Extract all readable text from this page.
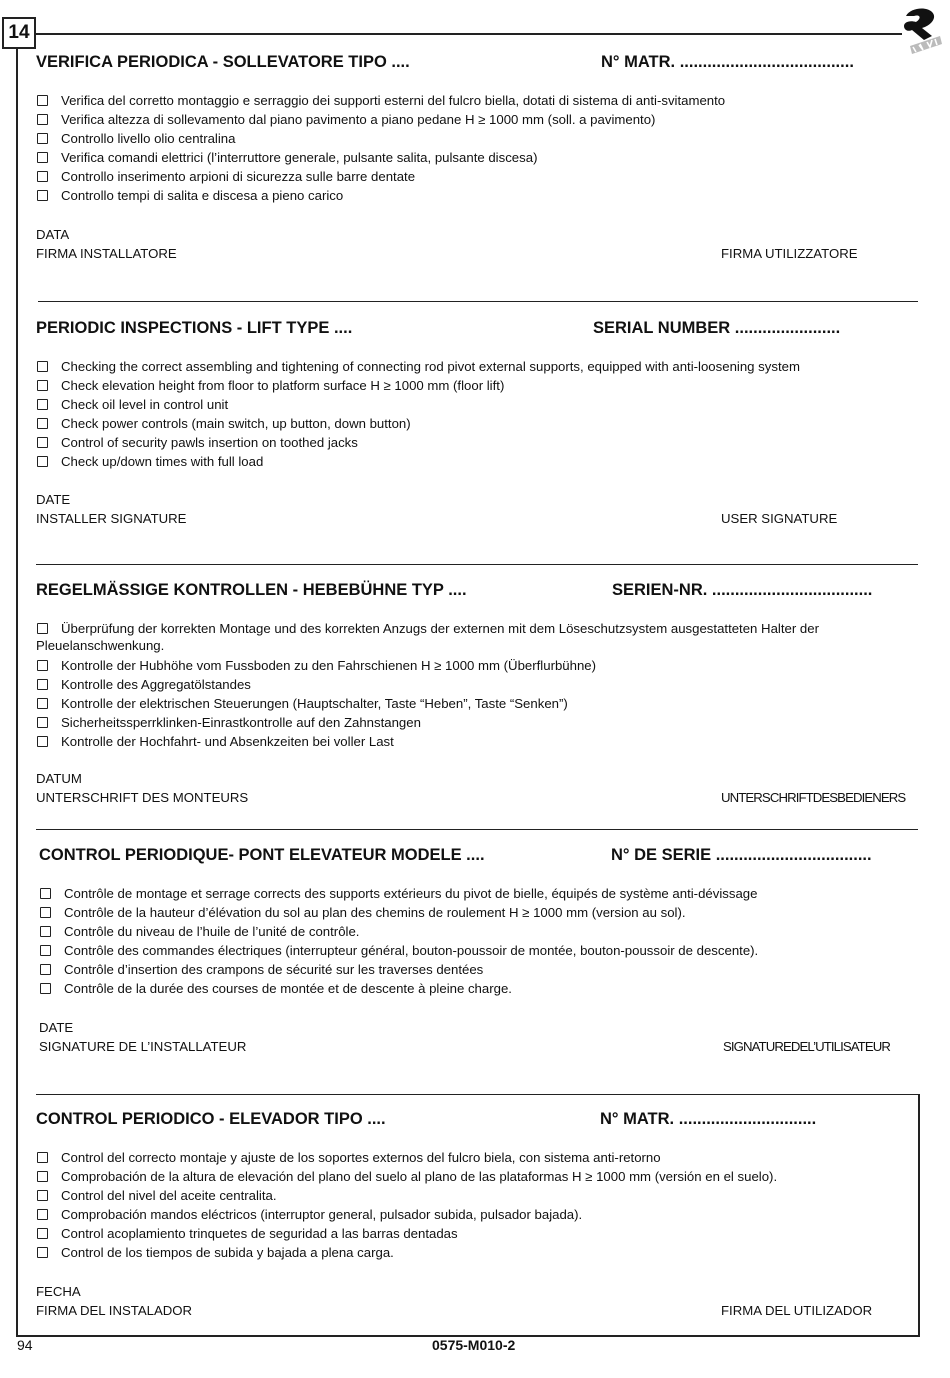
14
VERIFICA PERIODICA - SOLLEVATORE TIPO ....	N° MATR. ......................................
Verifica del corretto montaggio e serraggio dei supporti esterni del fulcro biella, dotati di sistema di anti-svitamento
Verifica altezza di sollevamento dal piano pavimento a piano pedane H ≥ 1000 mm (soll. a pavimento)
Controllo livello olio centralina
Verifica comandi elettrici (l’interruttore generale, pulsante salita, pulsante discesa)
Controllo inserimento arpioni di sicurezza sulle barre dentate
Controllo tempi di salita e discesa a pieno carico
DATA
FIRMA INSTALLATORE	FIRMA UTILIZZATORE
PERIODIC INSPECTIONS - LIFT TYPE ....	SERIAL NUMBER .......................
Checking the correct assembling and tightening of connecting rod pivot external supports, equipped with anti-loosening system
Check elevation height from floor to platform surface H ≥ 1000 mm (floor lift)
Check oil level in control unit
Check power controls (main switch, up button, down button)
Control of security pawls insertion on toothed jacks
Check up/down times with full load
DATE
INSTALLER SIGNATURE	USER SIGNATURE
REGELMÄSSIGE KONTROLLEN - HEBEBÜHNE TYP ....	SERIEN-NR. ...................................
Überprüfung der korrekten Montage und des korrekten Anzugs der externen mit dem Löseschutzsystem ausgestatteten Halter der Pleuelanschwenkung.
Kontrolle der Hubhöhe vom Fussboden zu den Fahrschienen H ≥ 1000 mm (Überflurbühne)
Kontrolle des Aggregatölstandes
Kontrolle der elektrischen Steuerungen (Hauptschalter, Taste “Heben”, Taste “Senken”)
Sicherheitssperrklinken-Einrastkontrolle auf den Zahnstangen
Kontrolle der Hochfahrt- und Absenkzeiten bei voller Last
DATUM
UNTERSCHRIFT DES MONTEURS	UNTERSCHRIFTDESBEDIENERS
CONTROL PERIODIQUE- PONT ELEVATEUR MODELE ....	N° DE SERIE ..................................
Contrôle de montage et serrage corrects des supports extérieurs du pivot de bielle, équipés de système anti-dévissage
Contrôle de la hauteur d’élévation du sol au plan des chemins de roulement H ≥ 1000 mm (version au sol).
Contrôle du niveau de l’huile de l’unité de contrôle.
Contrôle des commandes électriques (interrupteur général, bouton-poussoir de montée, bouton-poussoir de descente).
Contrôle d’insertion des crampons de sécurité sur les traverses dentées
Contrôle de la durée des courses de montée et de descente à pleine charge.
DATE
SIGNATURE DE L’INSTALLATEUR	SIGNATUREDEL’UTILISATEUR
CONTROL PERIODICO - ELEVADOR TIPO ....	N° MATR. ..............................
Control del correcto montaje y ajuste de los soportes externos del fulcro biela, con sistema anti-retorno
Comprobación de la altura de elevación del plano del suelo al plano de las plataformas H ≥ 1000 mm (versión en el suelo).
Control del nivel del aceite centralita.
Comprobación mandos eléctricos (interruptor general, pulsador subida, pulsador bajada).
Control acoplamiento trinquetes de seguridad a las barras dentadas
Control de los tiempos de subida y bajada a plena carga.
FECHA
FIRMA DEL INSTALADOR	FIRMA DEL UTILIZADOR
94	0575-M010-2
